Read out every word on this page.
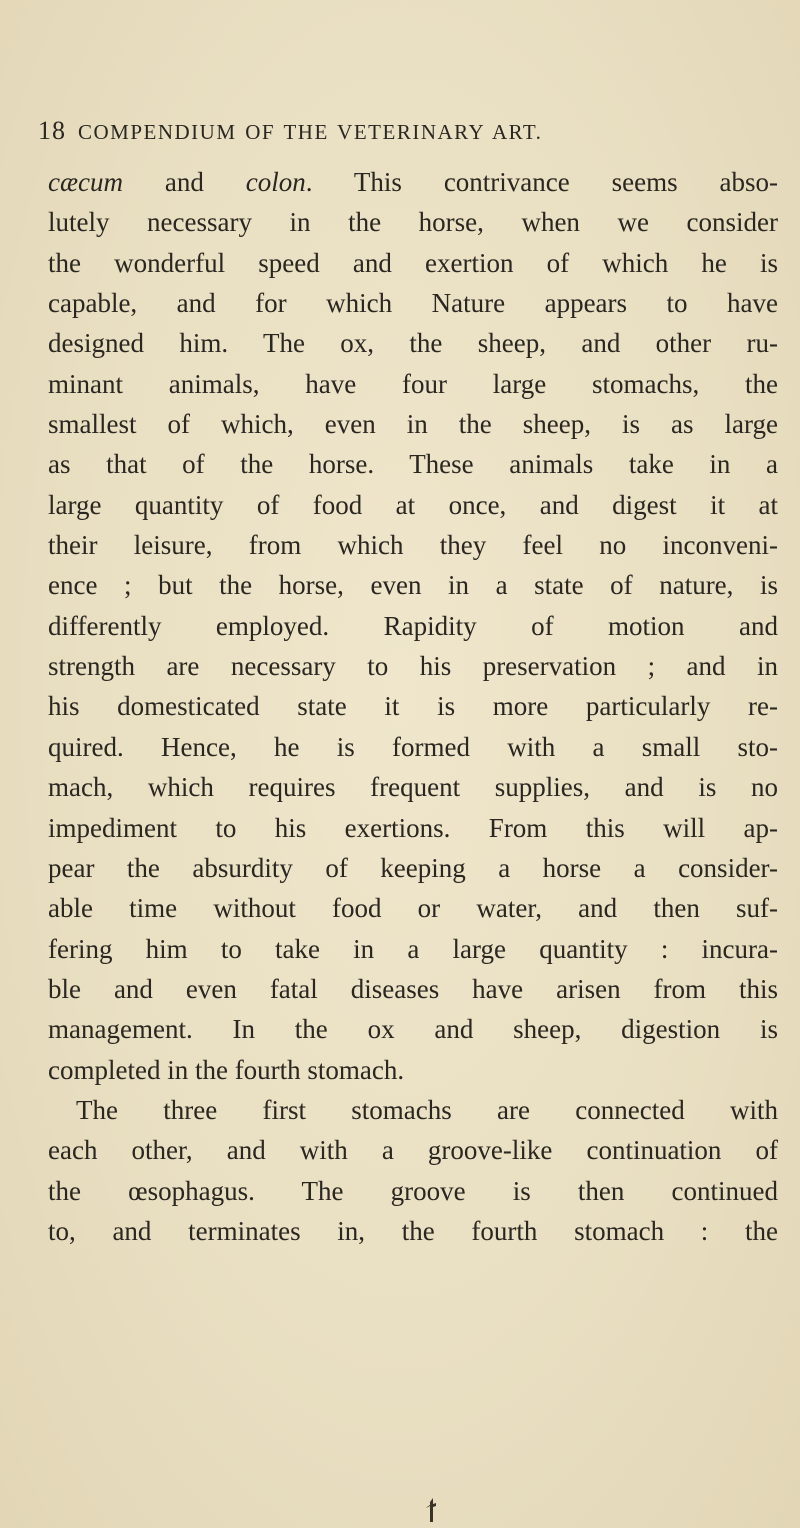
18 COMPENDIUM OF THE VETERINARY ART.
cæcum and colon. This contrivance seems abso-
lutely necessary in the horse, when we consider
the wonderful speed and exertion of which he is
capable, and for which Nature appears to have
designed him. The ox, the sheep, and other ru-
minant animals, have four large stomachs, the
smallest of which, even in the sheep, is as large
as that of the horse. These animals take in a
large quantity of food at once, and digest it at
their leisure, from which they feel no inconveni-
ence ; but the horse, even in a state of nature, is
differently employed. Rapidity of motion and
strength are necessary to his preservation ; and in
his domesticated state it is more particularly re-
quired. Hence, he is formed with a small sto-
mach, which requires frequent supplies, and is no
impediment to his exertions. From this will ap-
pear the absurdity of keeping a horse a consider-
able time without food or water, and then suf-
fering him to take in a large quantity : incura-
ble and even fatal diseases have arisen from this
management. In the ox and sheep, digestion is
completed in the fourth stomach.
The three first stomachs are connected with
each other, and with a groove-like continuation of
the œsophagus. The groove is then continued
to, and terminates in, the fourth stomach : the
